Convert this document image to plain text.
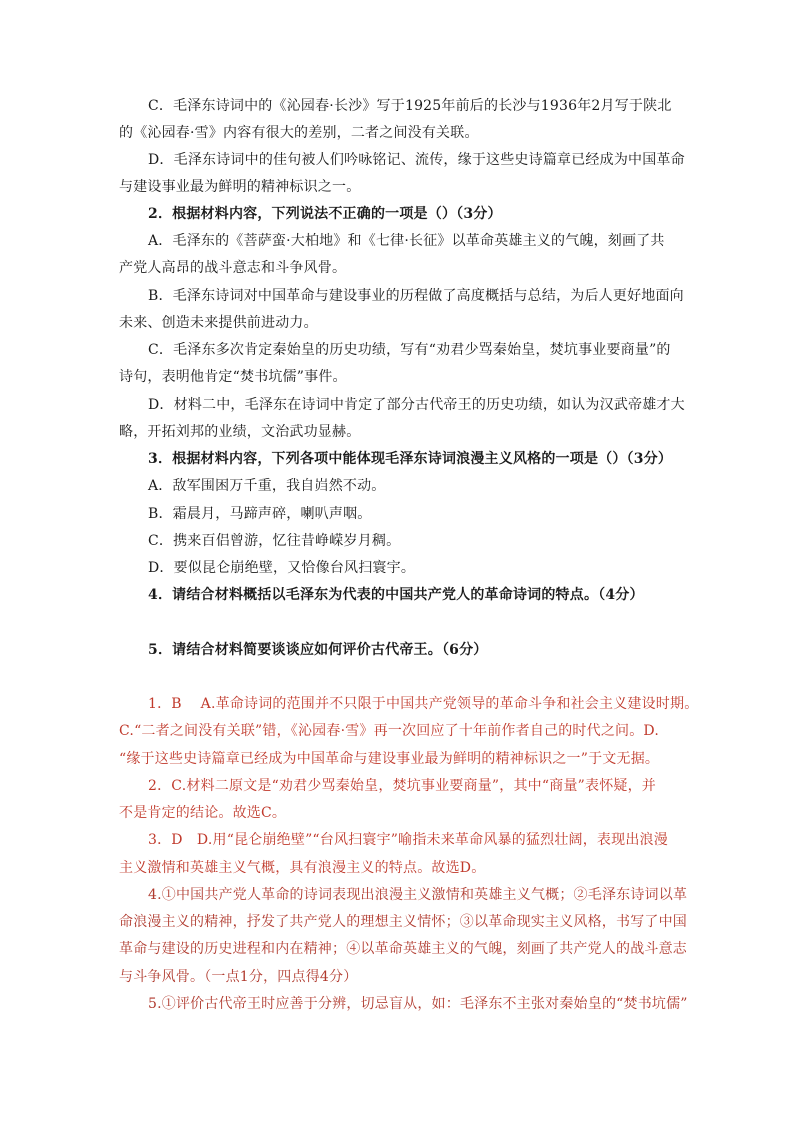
C．毛泽东诗词中的《沁园春·长沙》写于1925年前后的长沙与1936年2月写于陕北
的《沁园春·雪》内容有很大的差别，二者之间没有关联。
D．毛泽东诗词中的佳句被人们吟咏铭记、流传，缘于这些史诗篇章已经成为中国革命
与建设事业最为鲜明的精神标识之一。
2．根据材料内容，下列说法不正确的一项是（）（3分）
A．毛泽东的《菩萨蛮·大柏地》和《七律·长征》以革命英雄主义的气魄，刻画了共
产党人高昂的战斗意志和斗争风骨。
B．毛泽东诗词对中国革命与建设事业的历程做了高度概括与总结，为后人更好地面向
未来、创造未来提供前进动力。
C．毛泽东多次肯定秦始皇的历史功绩，写有“劝君少骂秦始皇，焚坑事业要商量”的
诗句，表明他肯定“焚书坑儒”事件。
D．材料二中，毛泽东在诗词中肯定了部分古代帝王的历史功绩，如认为汉武帝雄才大
略，开拓刘邦的业绩，文治武功显赫。
3．根据材料内容，下列各项中能体现毛泽东诗词浪漫主义风格的一项是（）（3分）
A．敌军围困万千重，我自岿然不动。
B．霜晨月，马蹄声碎，喇叭声咽。
C．携来百侣曾游，忆往昔峥嵘岁月稠。
D．要似昆仑崩绝壁，又恰像台风扫寰宇。
4．请结合材料概括以毛泽东为代表的中国共产党人的革命诗词的特点。（4分）
5．请结合材料简要谈谈应如何评价古代帝王。（6分）
1．B　 A.革命诗词的范围并不只限于中国共产党领导的革命斗争和社会主义建设时期。
C.“二者之间没有关联”错，《沁园春·雪》再一次回应了十年前作者自己的时代之问。D.
“缘于这些史诗篇章已经成为中国革命与建设事业最为鲜明的精神标识之一”于文无据。
2．C.材料二原文是“劝君少骂秦始皇，焚坑事业要商量”，其中“商量”表怀疑，并
不是肯定的结论。故选C。
3．D　D.用“昆仑崩绝壁”“台风扫寰宇”喻指未来革命风暴的猛烈壮阔，表现出浪漫
主义激情和英雄主义气概，具有浪漫主义的特点。故选D。
4.①中国共产党人革命的诗词表现出浪漫主义激情和英雄主义气概；②毛泽东诗词以革
命浪漫主义的精神，抒发了共产党人的理想主义情怀；③以革命现实主义风格，书写了中国
革命与建设的历史进程和内在精神；④以革命英雄主义的气魄，刻画了共产党人的战斗意志
与斗争风骨。（一点1分，四点得4分）
5.①评价古代帝王时应善于分辨，切忌盲从，如：毛泽东不主张对秦始皇的“焚书坑儒”
